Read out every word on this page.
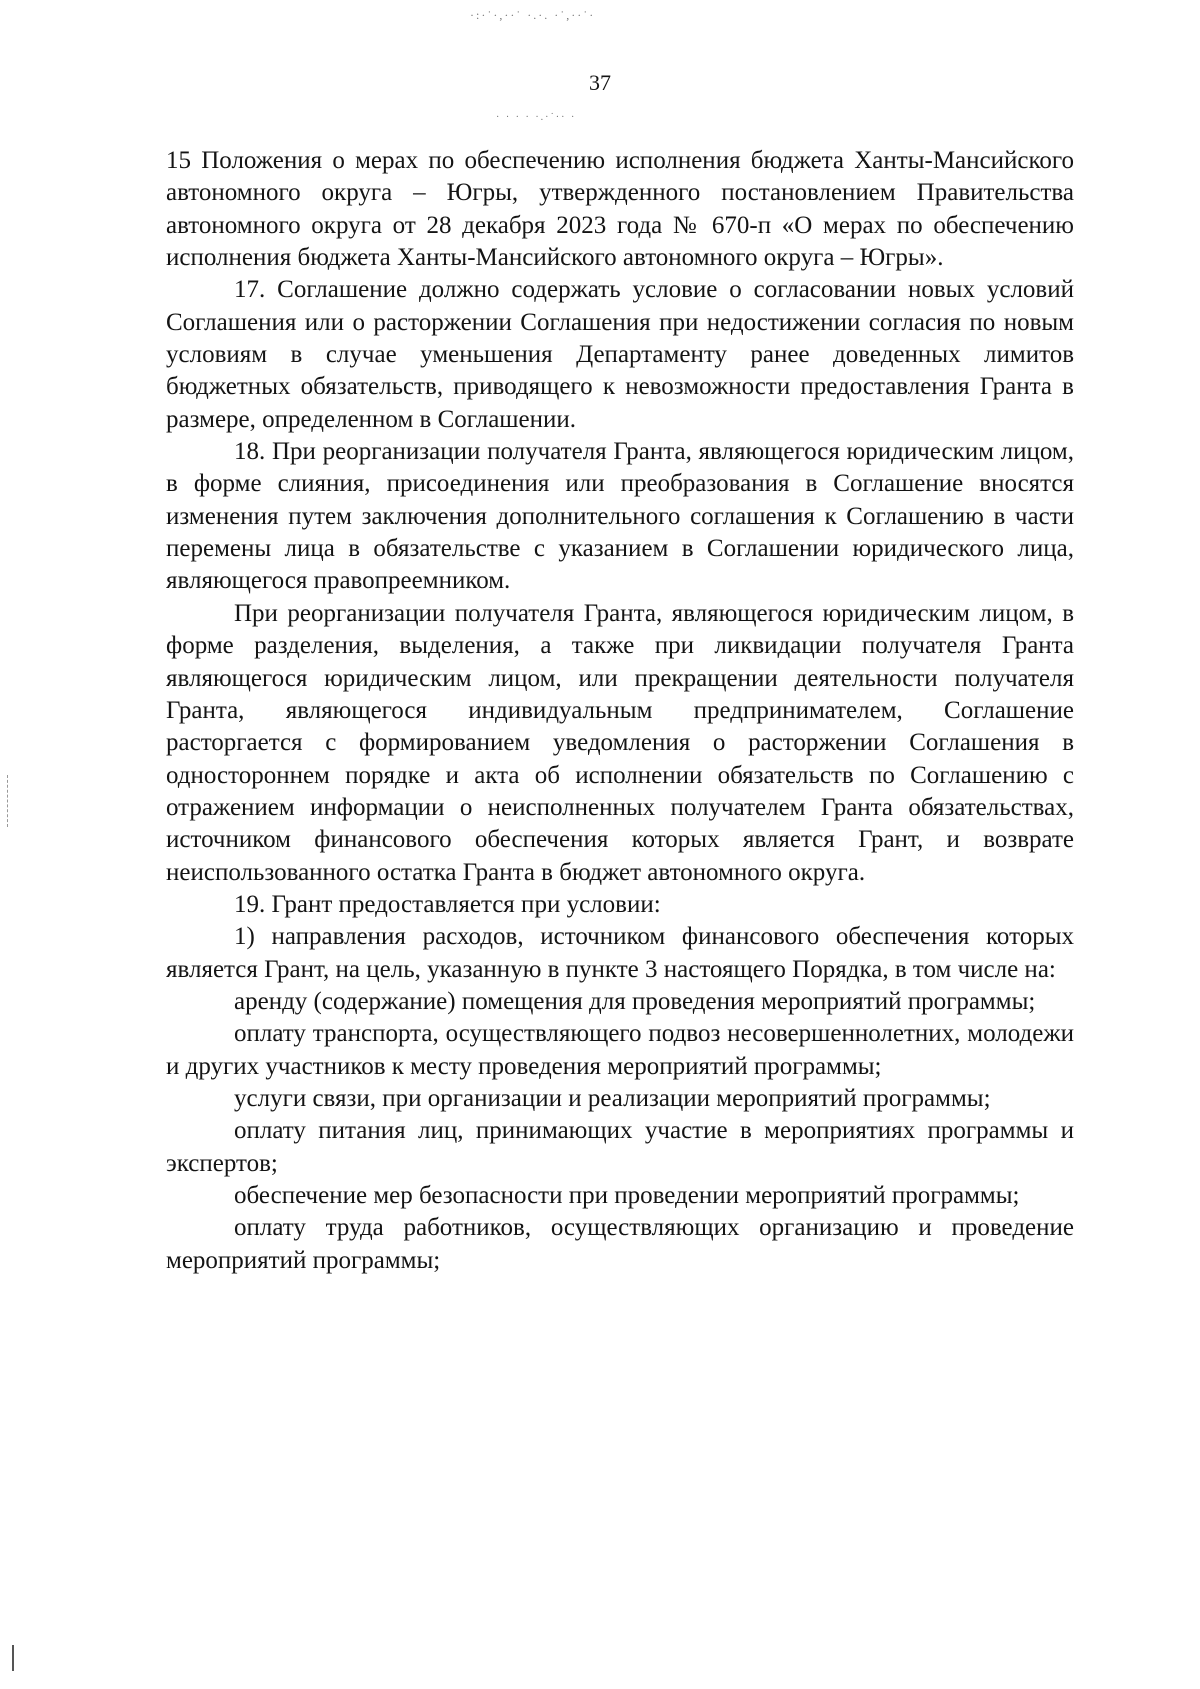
·:·˙·,··˙ ·.·. ·˙,··˙·
· · · · ·.·˙·· ·
37

15 Положения о мерах по обеспечению исполнения бюджета Ханты-Мансийского автономного округа – Югры, утвержденного постановлением Правительства автономного округа от 28 декабря 2023 года № 670-п «О мерах по обеспечению исполнения бюджета Ханты-Мансийского автономного округа – Югры».

17. Соглашение должно содержать условие о согласовании новых условий Соглашения или о расторжении Соглашения при недостижении согласия по новым условиям в случае уменьшения Департаменту ранее доведенных лимитов бюджетных обязательств, приводящего к невозможности предоставления Гранта в размере, определенном в Соглашении.

18. При реорганизации получателя Гранта, являющегося юридическим лицом, в форме слияния, присоединения или преобразования в Соглашение вносятся изменения путем заключения дополнительного соглашения к Соглашению в части перемены лица в обязательстве с указанием в Соглашении юридического лица, являющегося правопреемником.

При реорганизации получателя Гранта, являющегося юридическим лицом, в форме разделения, выделения, а также при ликвидации получателя Гранта являющегося юридическим лицом, или прекращении деятельности получателя Гранта, являющегося индивидуальным предпринимателем, Соглашение расторгается с формированием уведомления о расторжении Соглашения в одностороннем порядке и акта об исполнении обязательств по Соглашению с отражением информации о неисполненных получателем Гранта обязательствах, источником финансового обеспечения которых является Грант, и возврате неиспользованного остатка Гранта в бюджет автономного округа.

19. Грант предоставляется при условии:

1) направления расходов, источником финансового обеспечения которых является Грант, на цель, указанную в пункте 3 настоящего Порядка, в том числе на:

аренду (содержание) помещения для проведения мероприятий программы;

оплату транспорта, осуществляющего подвоз несовершеннолетних, молодежи и других участников к месту проведения мероприятий программы;

услуги связи, при организации и реализации мероприятий программы;

оплату питания лиц, принимающих участие в мероприятиях программы и экспертов;

обеспечение мер безопасности при проведении мероприятий программы;

оплату труда работников, осуществляющих организацию и проведение мероприятий программы;
